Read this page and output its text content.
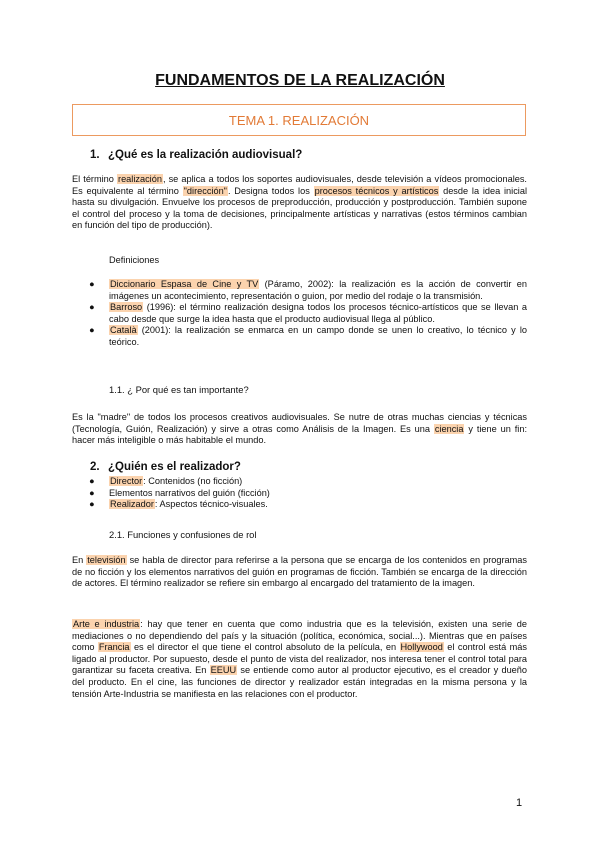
FUNDAMENTOS DE LA REALIZACIÓN
TEMA 1. REALIZACIÓN
1. ¿Qué es la realización audiovisual?
El término realización, se aplica a todos los soportes audiovisuales, desde televisión a vídeos promocionales. Es equivalente al término "dirección". Designa todos los procesos técnicos y artísticos desde la idea inicial hasta su divulgación. Envuelve los procesos de preproducción, producción y postproducción. También supone el control del proceso y la toma de decisiones, principalmente artísticas y narrativas (estos términos cambian en función del tipo de producción).
Definiciones
● Diccionario Espasa de Cine y TV (Páramo, 2002): la realización es la acción de convertir en imágenes un acontecimiento, representación o guion, por medio del rodaje o la transmisión.
● Barroso (1996): el término realización designa todos los procesos técnico-artísticos que se llevan a cabo desde que surge la idea hasta que el producto audiovisual llega al público.
● Català (2001): la realización se enmarca en un campo donde se unen lo creativo, lo técnico y lo teórico.
1.1. ¿ Por qué es tan importante?
Es la "madre" de todos los procesos creativos audiovisuales. Se nutre de otras muchas ciencias y técnicas (Tecnología, Guión, Realización) y sirve a otras como Análisis de la Imagen. Es una ciencia y tiene un fin: hacer más inteligible o más habitable el mundo.
2. ¿Quién es el realizador?
● Director: Contenidos (no ficción)
● Elementos narrativos del guión (ficción)
● Realizador: Aspectos técnico-visuales.
2.1. Funciones y confusiones de rol
En televisión se habla de director para referirse a la persona que se encarga de los contenidos en programas de no ficción y los elementos narrativos del guión en programas de ficción. También se encarga de la dirección de actores. El término realizador se refiere sin embargo al encargado del tratamiento de la imagen.
Arte e industria: hay que tener en cuenta que como industria que es la televisión, existen una serie de mediaciones o no dependiendo del país y la situación (política, económica, social...). Mientras que en países como Francia es el director el que tiene el control absoluto de la película, en Hollywood el control está más ligado al productor. Por supuesto, desde el punto de vista del realizador, nos interesa tener el control total para garantizar su faceta creativa. En EEUU se entiende como autor al productor ejecutivo, es el creador y dueño del producto. En el cine, las funciones de director y realizador están integradas en la misma persona y la tensión Arte-Industria se manifiesta en las relaciones con el productor.
1
